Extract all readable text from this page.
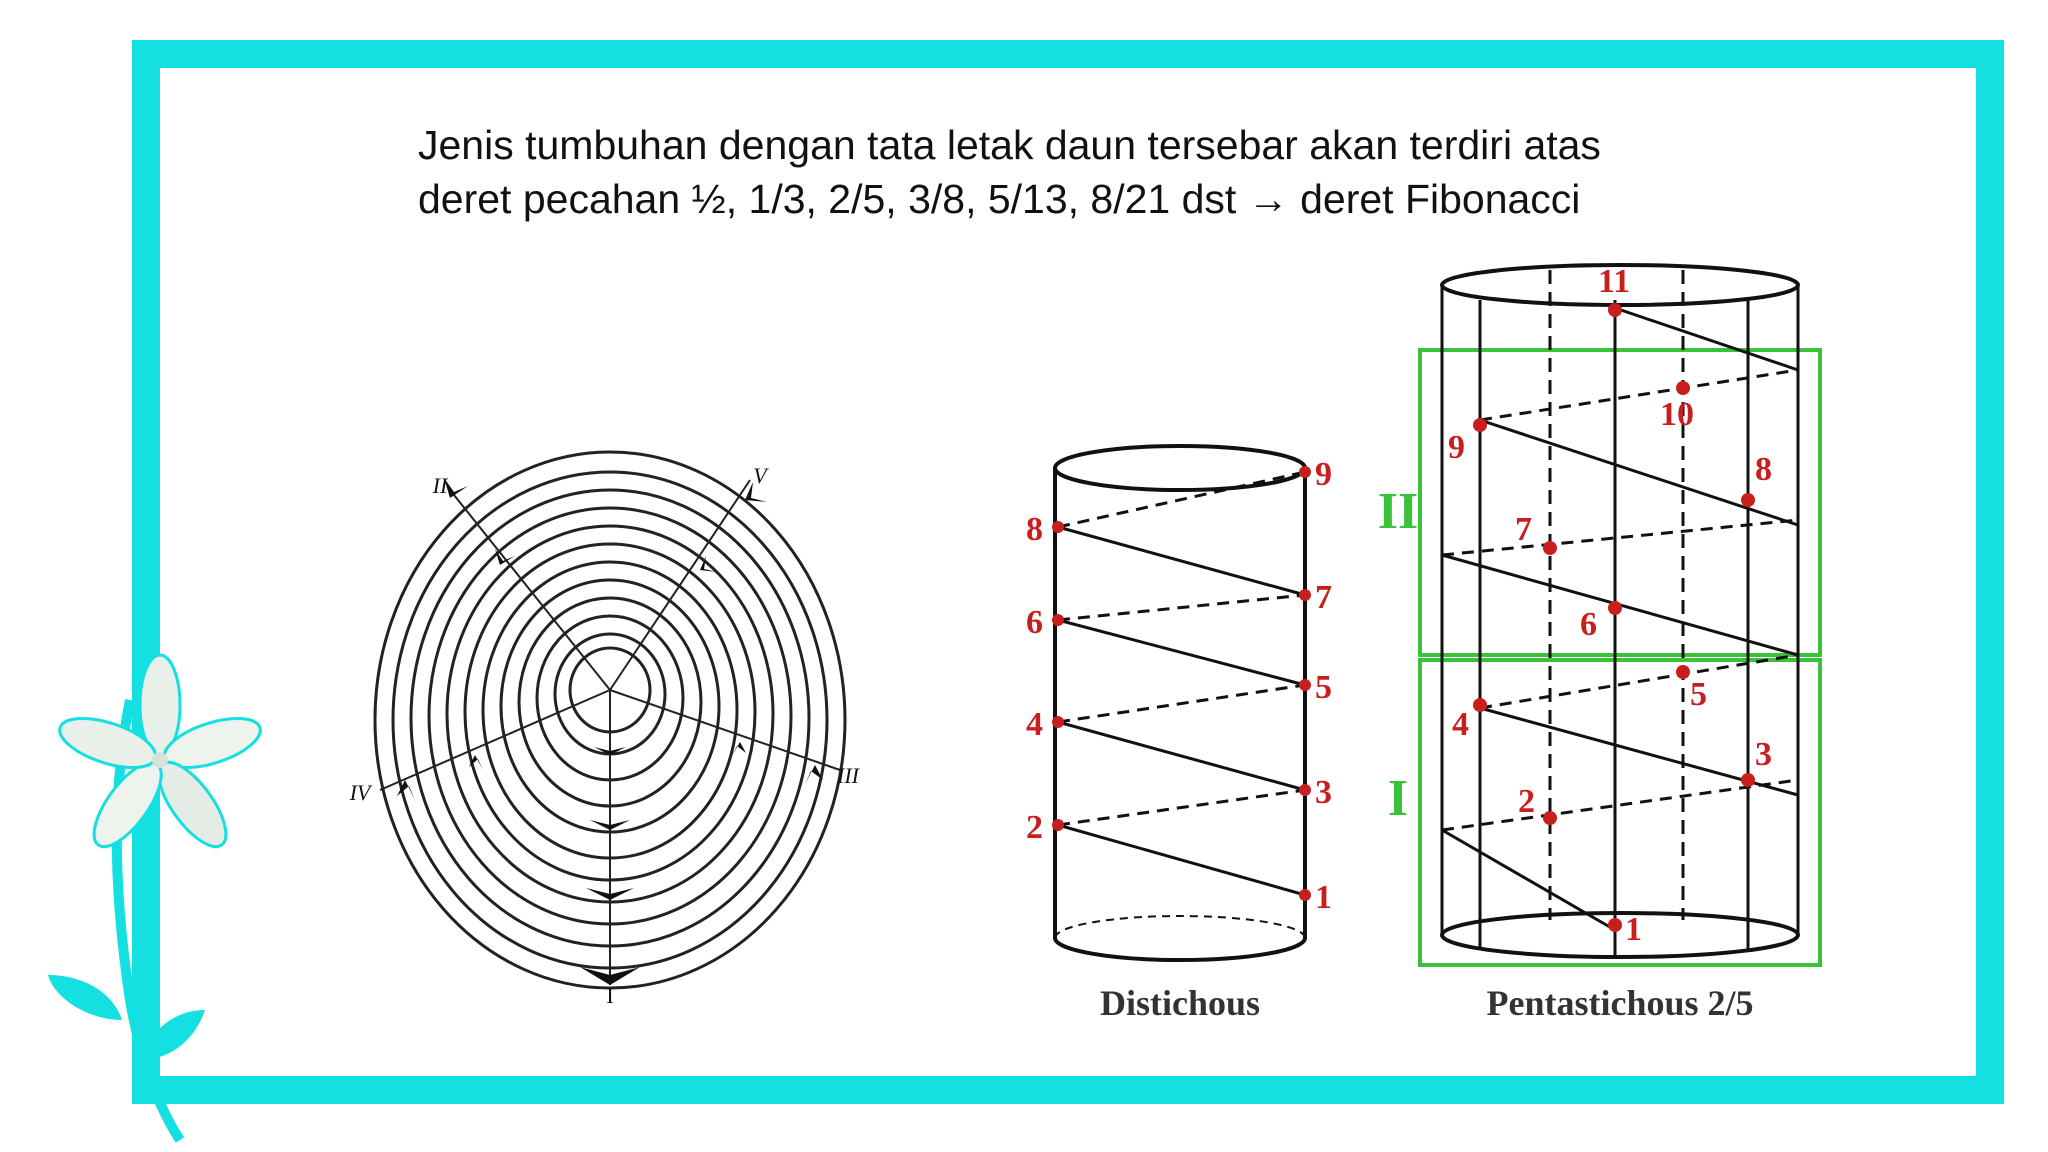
Jenis tumbuhan dengan tata letak daun tersebar akan terdiri atas
deret pecahan ½, 1/3, 2/5, 3/8, 5/13, 8/21 dst → deret Fibonacci
I
II
III
IV
V
1
2
3
4
5
6
7
8
9
Distichous
1
2
3
4
5
6
7
8
9
10
11
II
I
Pentastichous 2/5
